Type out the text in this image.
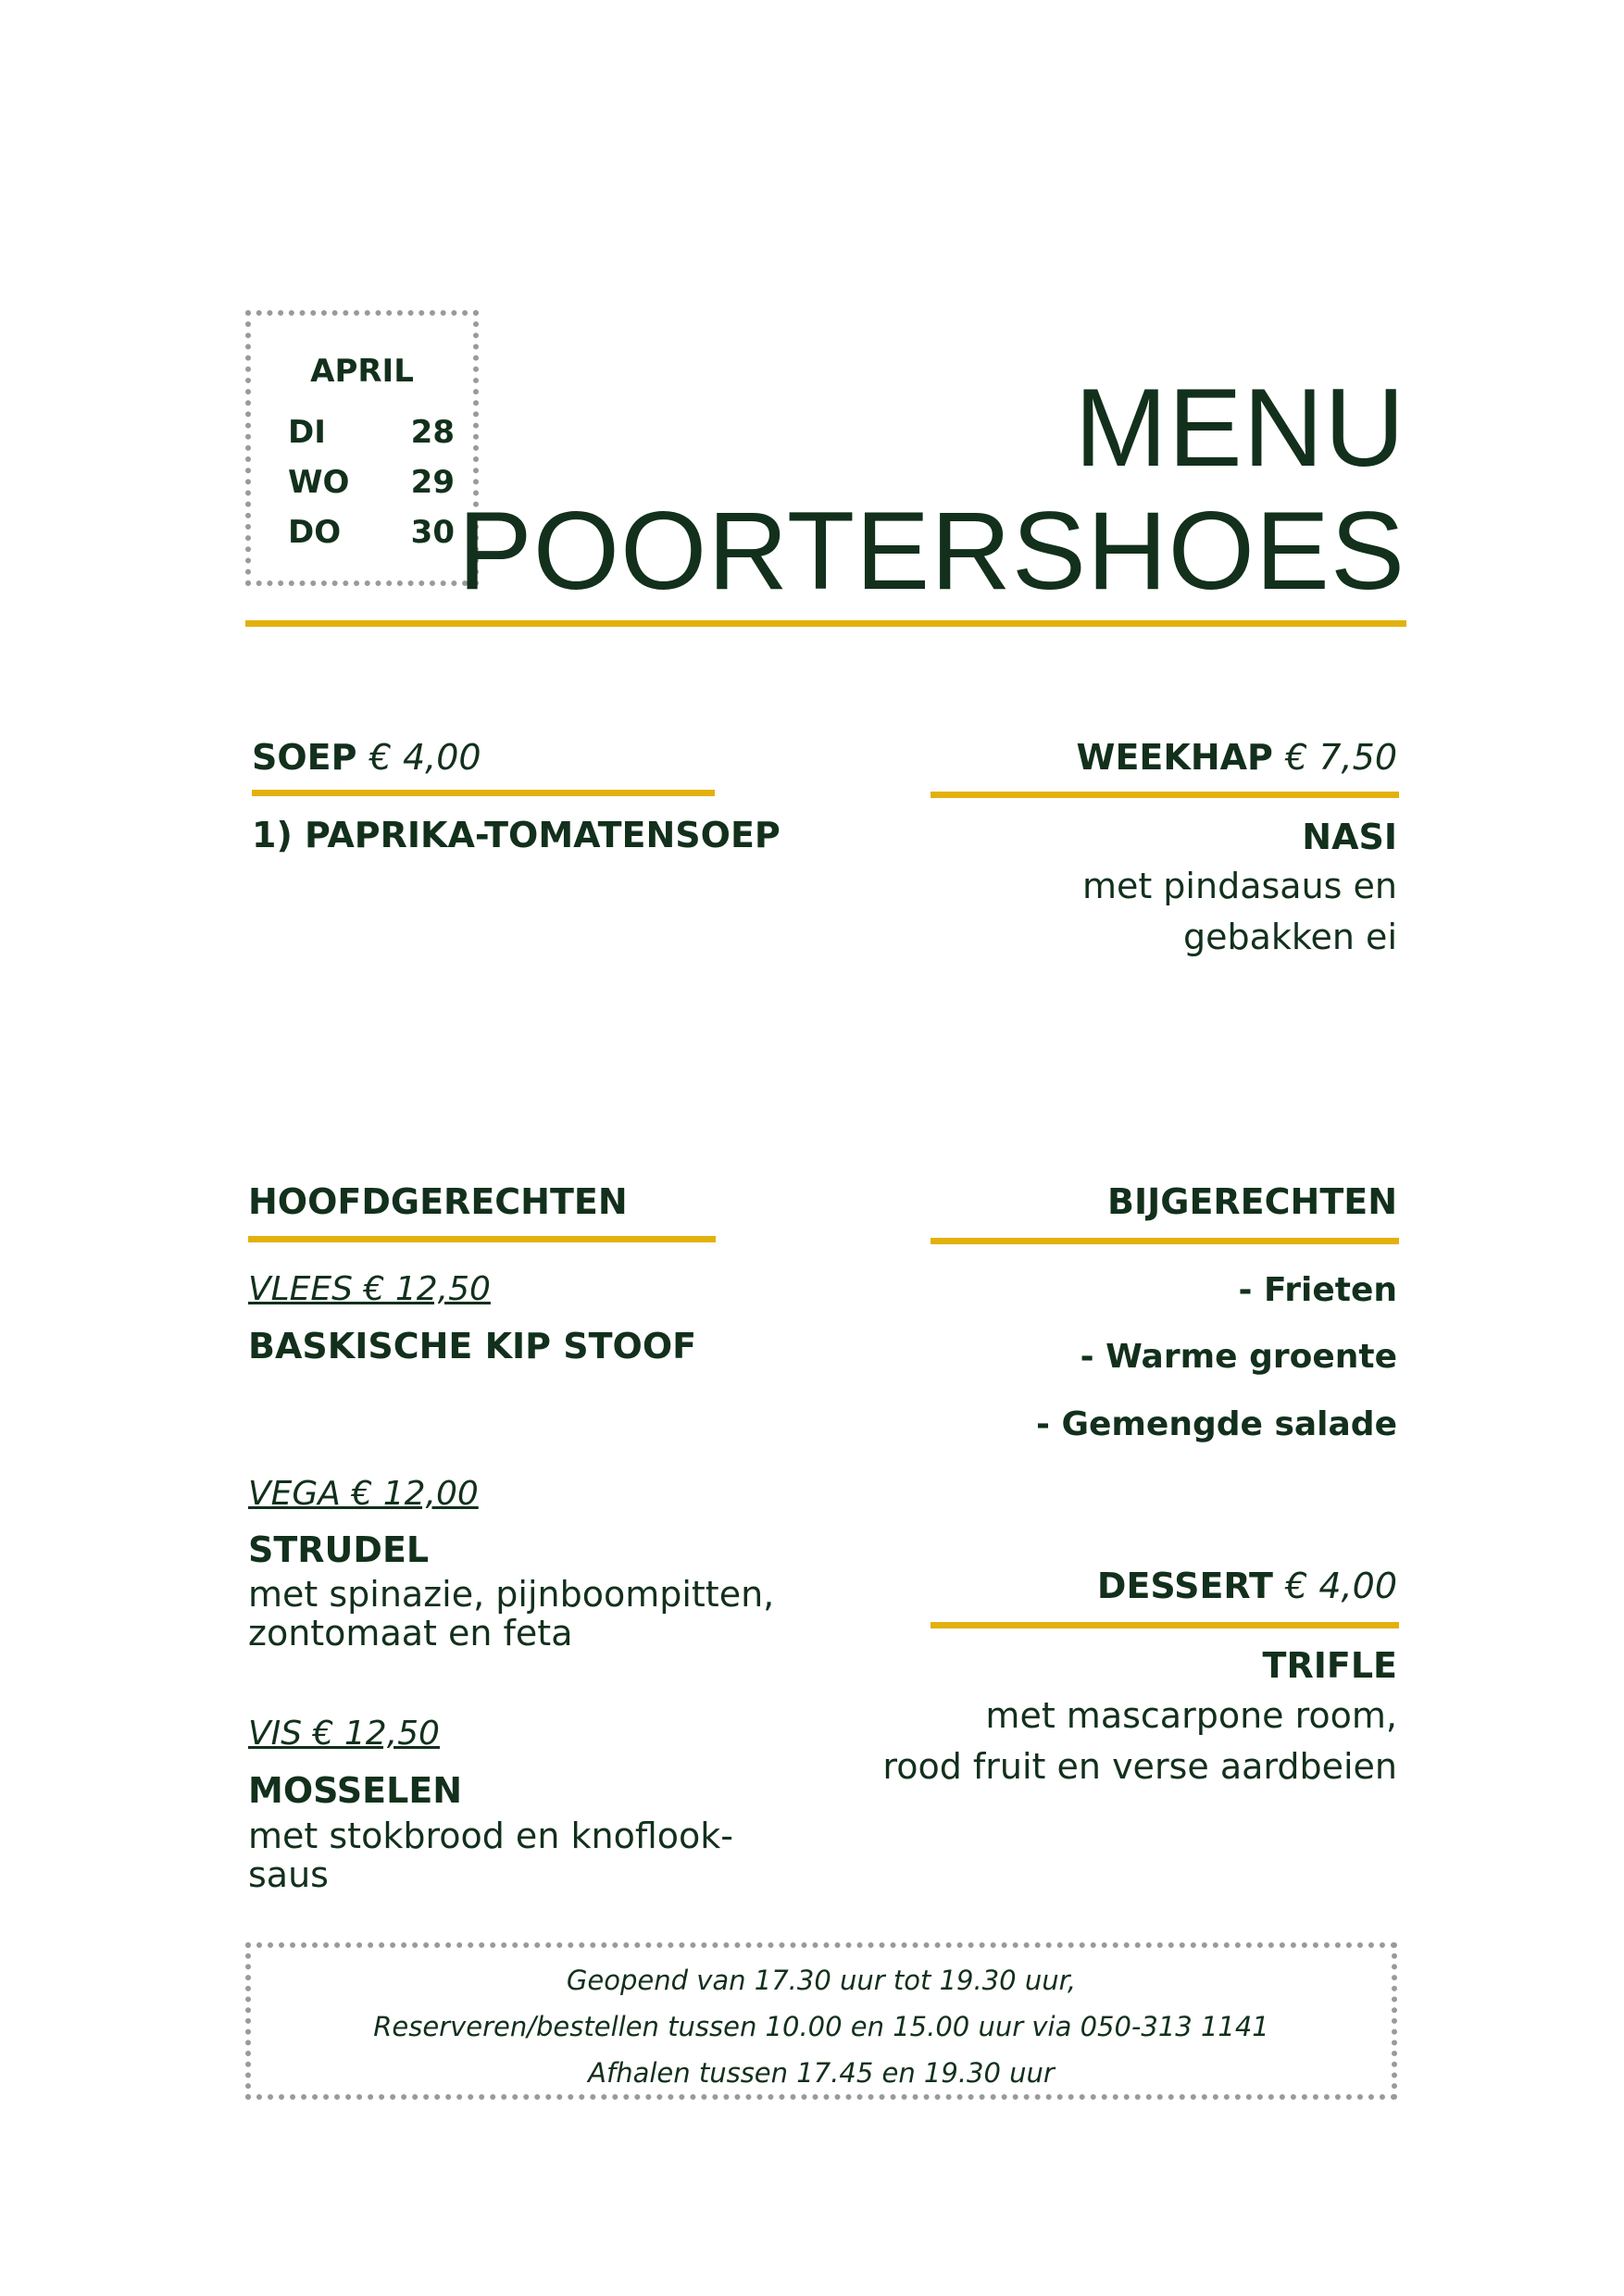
APRIL
DI	28
WO 29
DO 30
MENU
POORTERSHOES
SOEP € 4,00
1) PAPRIKA-TOMATENSOEP
WEEKHAP € 7,50
NASI
met pindasaus en
gebakken ei
HOOFDGERECHTEN
VLEES € 12,50
BASKISCHE KIP STOOF
VEGA € 12,00
STRUDEL
met spinazie, pijnboompitten,
zontomaat en feta
VIS € 12,50
MOSSELEN
met stokbrood en knoflook-
saus
BIJGERECHTEN
- Frieten
- Warme groente
- Gemengde salade
DESSERT € 4,00
TRIFLE
met mascarpone room,
rood fruit en verse aardbeien
Geopend van 17.30 uur tot 19.30 uur,
Reserveren/bestellen tussen 10.00 en 15.00 uur via 050-313 1141
Afhalen tussen 17.45 en 19.30 uur
